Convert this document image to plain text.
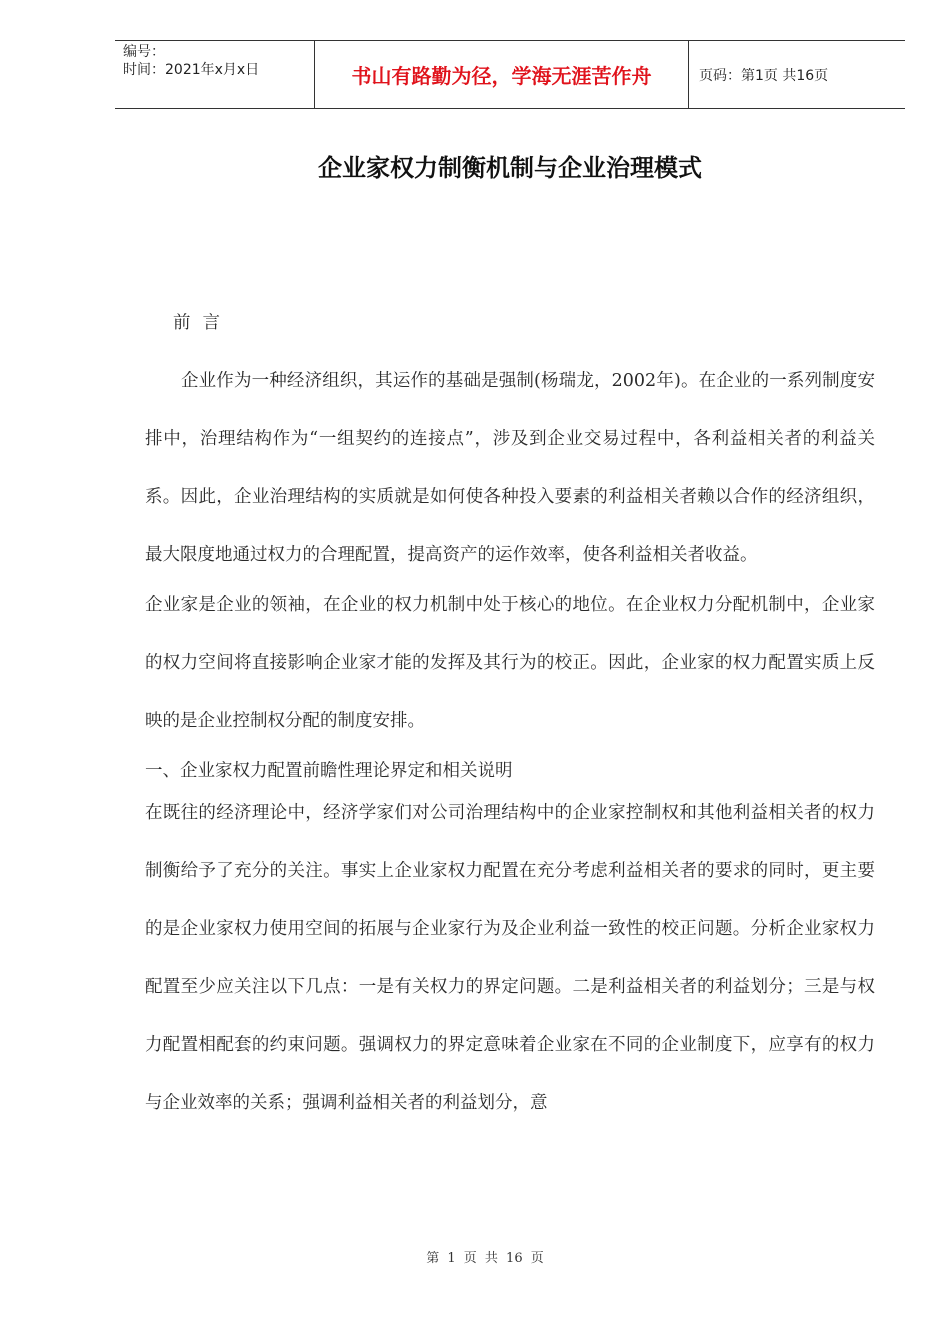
编号：
时间：2021年x月x日	书山有路勤为径，学海无涯苦作舟	页码：第1页 共16页
企业家权力制衡机制与企业治理模式

前言

企业作为一种经济组织，其运作的基础是强制(杨瑞龙，2002年)。在企业的一系列制度安排中，治理结构作为“一组契约的连接点”，涉及到企业交易过程中，各利益相关者的利益关系。因此，企业治理结构的实质就是如何使各种投入要素的利益相关者赖以合作的经济组织，最大限度地通过权力的合理配置，提高资产的运作效率，使各利益相关者收益。

企业家是企业的领袖，在企业的权力机制中处于核心的地位。在企业权力分配机制中，企业家的权力空间将直接影响企业家才能的发挥及其行为的校正。因此，企业家的权力配置实质上反映的是企业控制权分配的制度安排。

一、企业家权力配置前瞻性理论界定和相关说明

在既往的经济理论中，经济学家们对公司治理结构中的企业家控制权和其他利益相关者的权力制衡给予了充分的关注。事实上企业家权力配置在充分考虑利益相关者的要求的同时，更主要的是企业家权力使用空间的拓展与企业家行为及企业利益一致性的校正问题。分析企业家权力配置至少应关注以下几点：一是有关权力的界定问题。二是利益相关者的利益划分；三是与权力配置相配套的约束问题。强调权力的界定意味着企业家在不同的企业制度下，应享有的权力与企业效率的关系；强调利益相关者的利益划分，意

第 1 页 共 16 页
